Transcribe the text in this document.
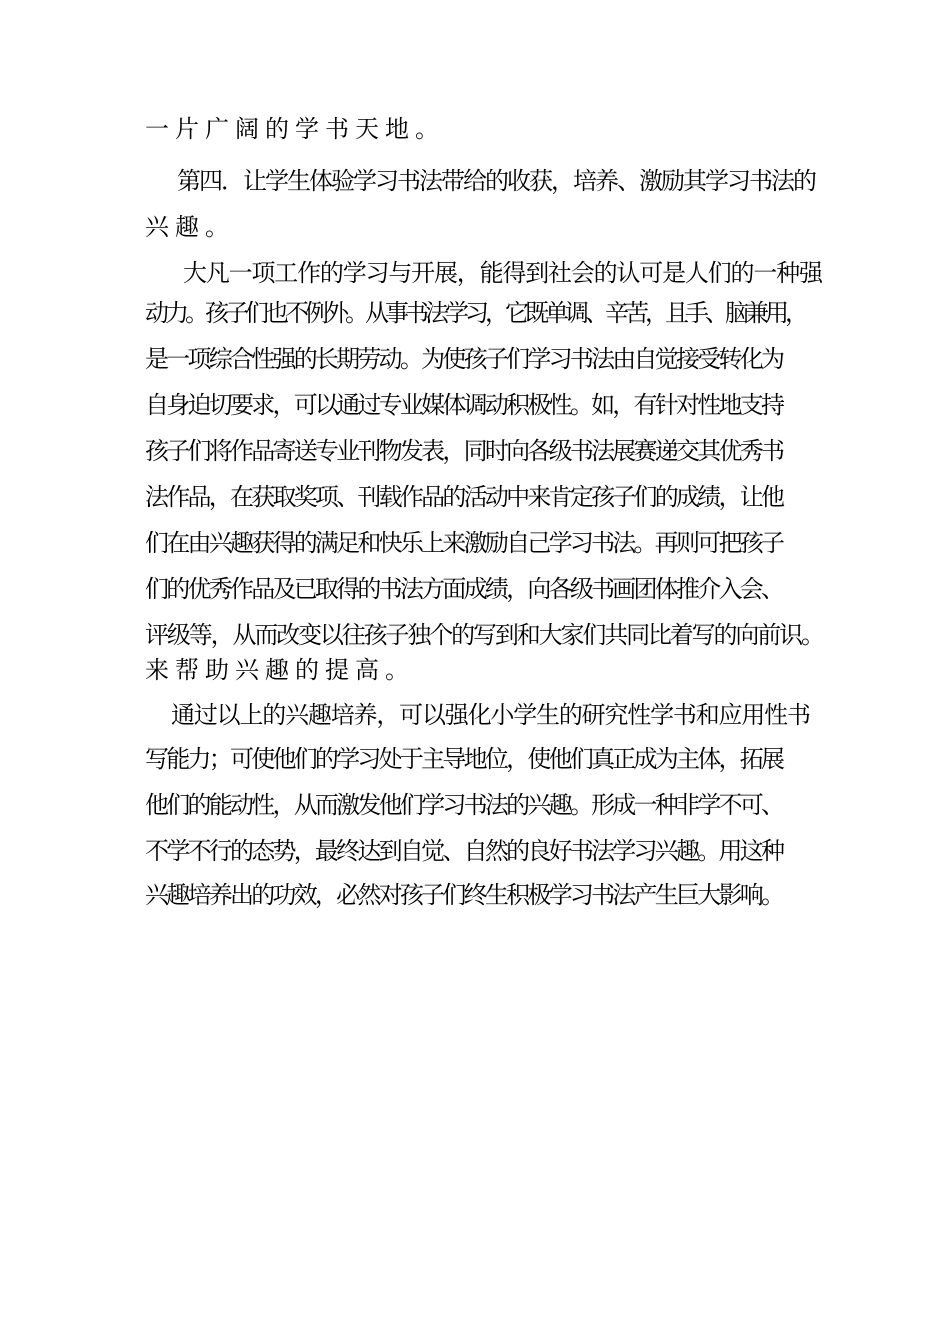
一片广阔的学书天地。

第四．让学生体验学习书法带给的收获，培养、激励其学习书法的

兴趣。

大凡一项工作的学习与开展，能得到社会的认可是人们的一种强

动力。孩子们也不例外。从事书法学习，它既单调、辛苦，且手、脑兼用，

是一项综合性强的长期劳动。为使孩子们学习书法由自觉接受转化为

自身迫切要求，可以通过专业媒体调动积极性。如，有针对性地支持

孩子们将作品寄送专业刊物发表，同时向各级书法展赛递交其优秀书

法作品，在获取奖项、刊载作品的活动中来肯定孩子们的成绩，让他

们在由兴趣获得的满足和快乐上来激励自己学习书法。再则可把孩子

们的优秀作品及已取得的书法方面成绩，向各级书画团体推介入会、

评级等，从而改变以往孩子独个的写到和大家们共同比着写的向前识。

来帮助兴趣的提高。

通过以上的兴趣培养，可以强化小学生的研究性学书和应用性书

写能力；可使他们的学习处于主导地位，使他们真正成为主体，拓展

他们的能动性，从而激发他们学习书法的兴趣。形成一种非学不可、

不学不行的态势，最终达到自觉、自然的良好书法学习兴趣。用这种

兴趣培养出的功效，必然对孩子们终生积极学习书法产生巨大影响。
